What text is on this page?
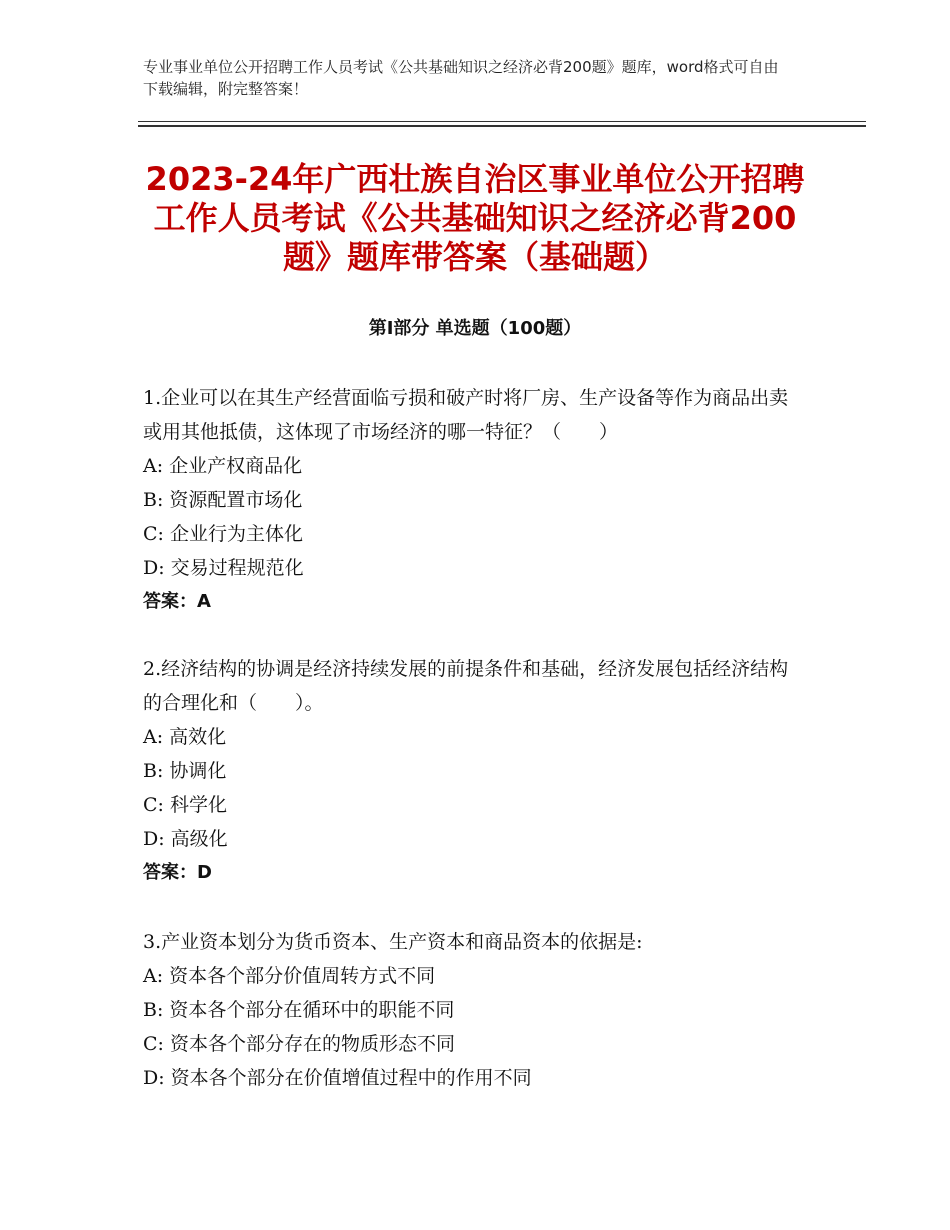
专业事业单位公开招聘工作人员考试《公共基础知识之经济必背200题》题库，word格式可自由下载编辑，附完整答案！
2023-24年广西壮族自治区事业单位公开招聘工作人员考试《公共基础知识之经济必背200题》题库带答案（基础题）
第Ⅰ部分 单选题（100题）
1.企业可以在其生产经营面临亏损和破产时将厂房、生产设备等作为商品出卖或用其他抵债，这体现了市场经济的哪一特征？（　　）
A: 企业产权商品化
B: 资源配置市场化
C: 企业行为主体化
D: 交易过程规范化
答案：A
2.经济结构的协调是经济持续发展的前提条件和基础，经济发展包括经济结构的合理化和（　　）。
A: 高效化
B: 协调化
C: 科学化
D: 高级化
答案：D
3.产业资本划分为货币资本、生产资本和商品资本的依据是:
A: 资本各个部分价值周转方式不同
B: 资本各个部分在循环中的职能不同
C: 资本各个部分存在的物质形态不同
D: 资本各个部分在价值增值过程中的作用不同
